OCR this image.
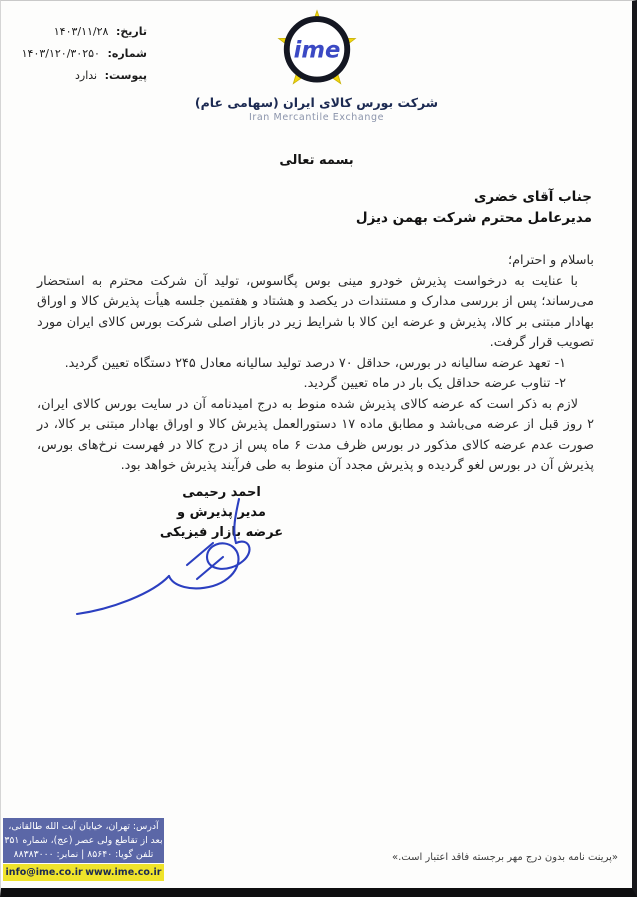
تاریخ: ۱۴۰۳/۱۱/۲۸
شماره: ۱۴۰۳/۱۲۰/۳۰۲۵۰
پیوست: ندارد
ime
شرکت بورس کالای ایران (سهامی عام)
Iran Mercantile Exchange
بسمه تعالی
جناب آقای خضری
مدیرعامل محترم شرکت بهمن دیزل
باسلام و احترام؛

با عنایت به درخواست پذیرش خودرو مینی بوس پگاسوس، تولید آن شرکت محترم به استحضار می‌رساند؛ پس از بررسی مدارک و مستندات در یکصد و هشتاد و هفتمین جلسه هیأت پذیرش کالا و اوراق بهادار مبتنی بر کالا، پذیرش و عرضه این کالا با شرایط زیر در بازار اصلی شرکت بورس کالای ایران مورد تصویب قرار گرفت.

۱- تعهد عرضه سالیانه در بورس، حداقل ۷۰ درصد تولید سالیانه معادل ۲۴۵ دستگاه تعیین گردید.
۲- تناوب عرضه حداقل یک بار در ماه تعیین گردید.

لازم به ذکر است که عرضه کالای پذیرش شده منوط به درج امیدنامه آن در سایت بورس کالای ایران، ۲ روز قبل از عرضه می‌باشد و مطابق ماده ۱۷ دستورالعمل پذیرش کالا و اوراق بهادار مبتنی بر کالا، در صورت عدم عرضه کالای مذکور در بورس ظرف مدت ۶ ماه پس از درج کالا در فهرست نرخ‌های بورس، پذیرش آن در بورس لغو گردیده و پذیرش مجدد آن منوط به طی فرآیند پذیرش خواهد بود.

احمد رحیمی
مدیر پذیرش و
عرضه بازار فیزیکی
آدرس: تهران، خیابان آیت الله طالقانی،
بعد از تقاطع ولی عصر (عج)، شماره ۳۵۱
تلفن گویا: ۸۵۶۴۰ | نمابر: ۸۸۳۸۳۰۰۰
info@ime.co.ir www.ime.co.ir
«پرینت نامه بدون درج مهر برجسته فاقد اعتبار است.»
